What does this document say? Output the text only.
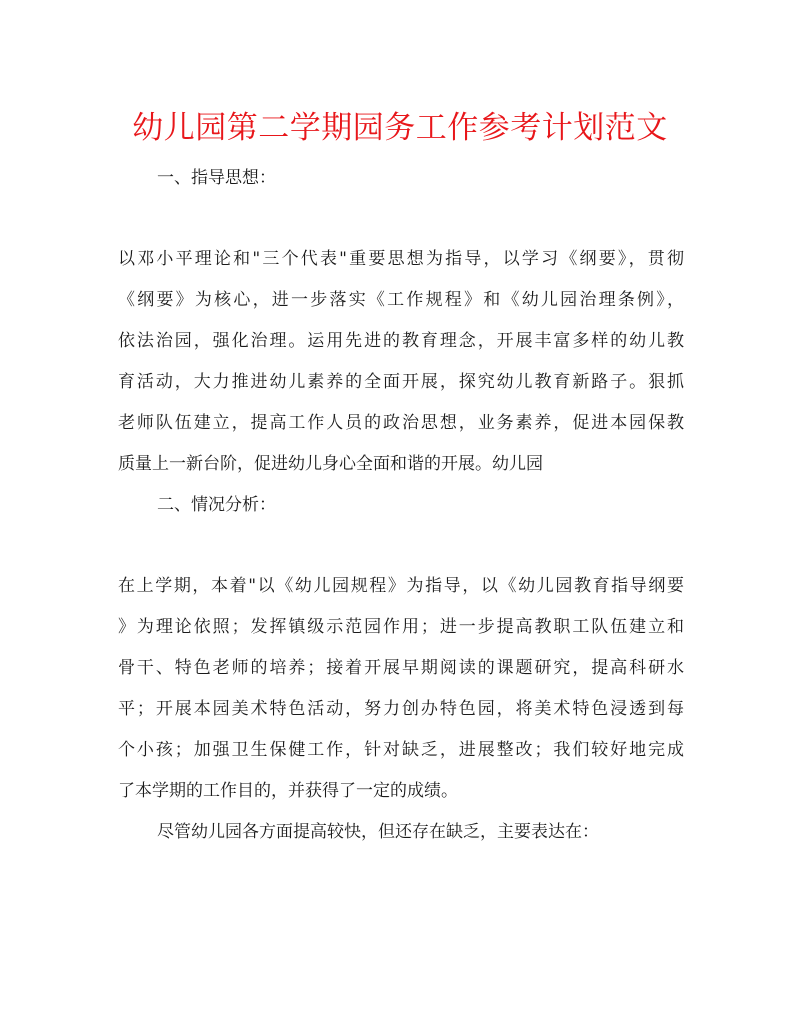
幼儿园第二学期园务工作参考计划范文
一、指导思想：
以邓小平理论和"三个代表"重要思想为指导，以学习《纲要》，贯彻
《纲要》为核心，进一步落实《工作规程》和《幼儿园治理条例》，
依法治园，强化治理。运用先进的教育理念，开展丰富多样的幼儿教
育活动，大力推进幼儿素养的全面开展，探究幼儿教育新路子。狠抓
老师队伍建立，提高工作人员的政治思想，业务素养，促进本园保教
质量上一新台阶，促进幼儿身心全面和谐的开展。幼儿园
二、情况分析：
在上学期，本着"以《幼儿园规程》为指导，以《幼儿园教育指导纲要
》为理论依照；发挥镇级示范园作用；进一步提高教职工队伍建立和
骨干、特色老师的培养；接着开展早期阅读的课题研究，提高科研水
平；开展本园美术特色活动，努力创办特色园，将美术特色浸透到每
个小孩；加强卫生保健工作，针对缺乏，进展整改；我们较好地完成
了本学期的工作目的，并获得了一定的成绩。
尽管幼儿园各方面提高较快，但还存在缺乏，主要表达在：
